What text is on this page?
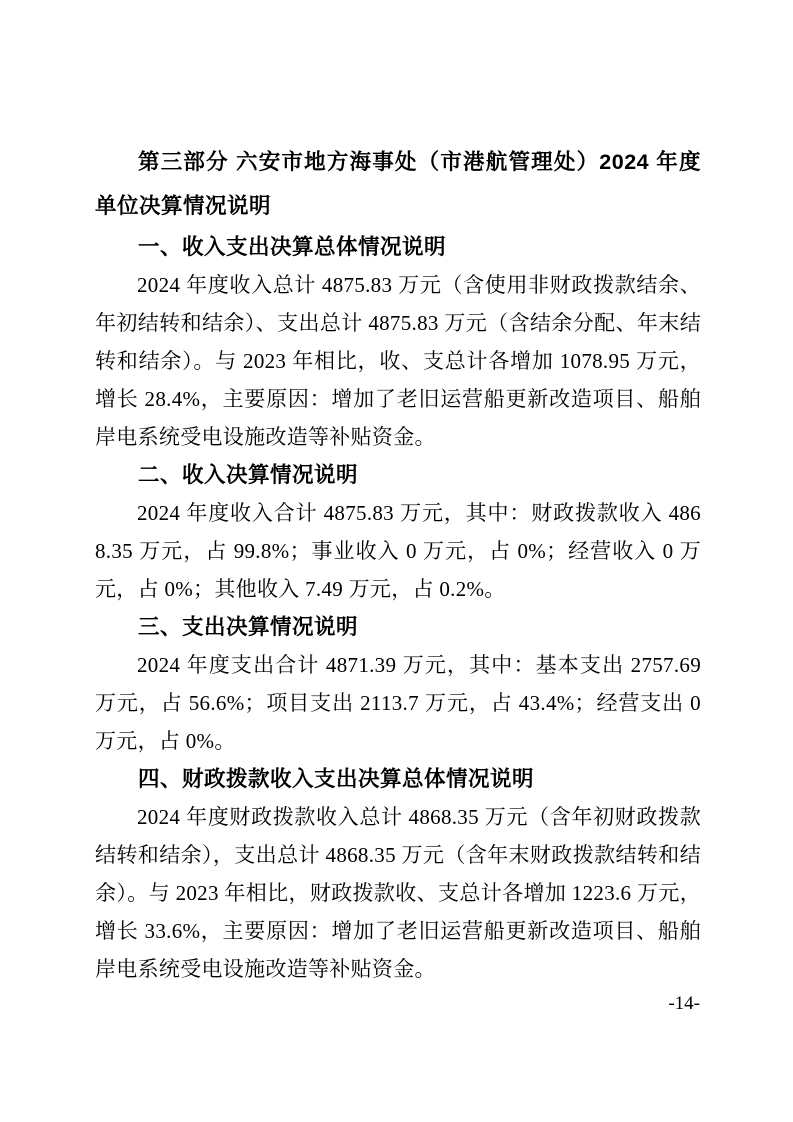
第三部分 六安市地方海事处（市港航管理处）2024 年度单位决算情况说明

一、收入支出决算总体情况说明

2024 年度收入总计 4875.83 万元（含使用非财政拨款结余、年初结转和结余）、支出总计 4875.83 万元（含结余分配、年末结转和结余）。与 2023 年相比，收、支总计各增加 1078.95 万元，增长 28.4%，主要原因：增加了老旧运营船更新改造项目、船舶岸电系统受电设施改造等补贴资金。

二、收入决算情况说明

2024 年度收入合计 4875.83 万元，其中：财政拨款收入 4868.35 万元，占 99.8%；事业收入 0 万元，占 0%；经营收入 0 万元，占 0%；其他收入 7.49 万元，占 0.2%。

三、支出决算情况说明

2024 年度支出合计 4871.39 万元，其中：基本支出 2757.69 万元，占 56.6%；项目支出 2113.7 万元，占 43.4%；经营支出 0 万元，占 0%。

四、财政拨款收入支出决算总体情况说明

2024 年度财政拨款收入总计 4868.35 万元（含年初财政拨款结转和结余），支出总计 4868.35 万元（含年末财政拨款结转和结余）。与 2023 年相比，财政拨款收、支总计各增加 1223.6 万元，增长 33.6%，主要原因：增加了老旧运营船更新改造项目、船舶岸电系统受电设施改造等补贴资金。

-14-
